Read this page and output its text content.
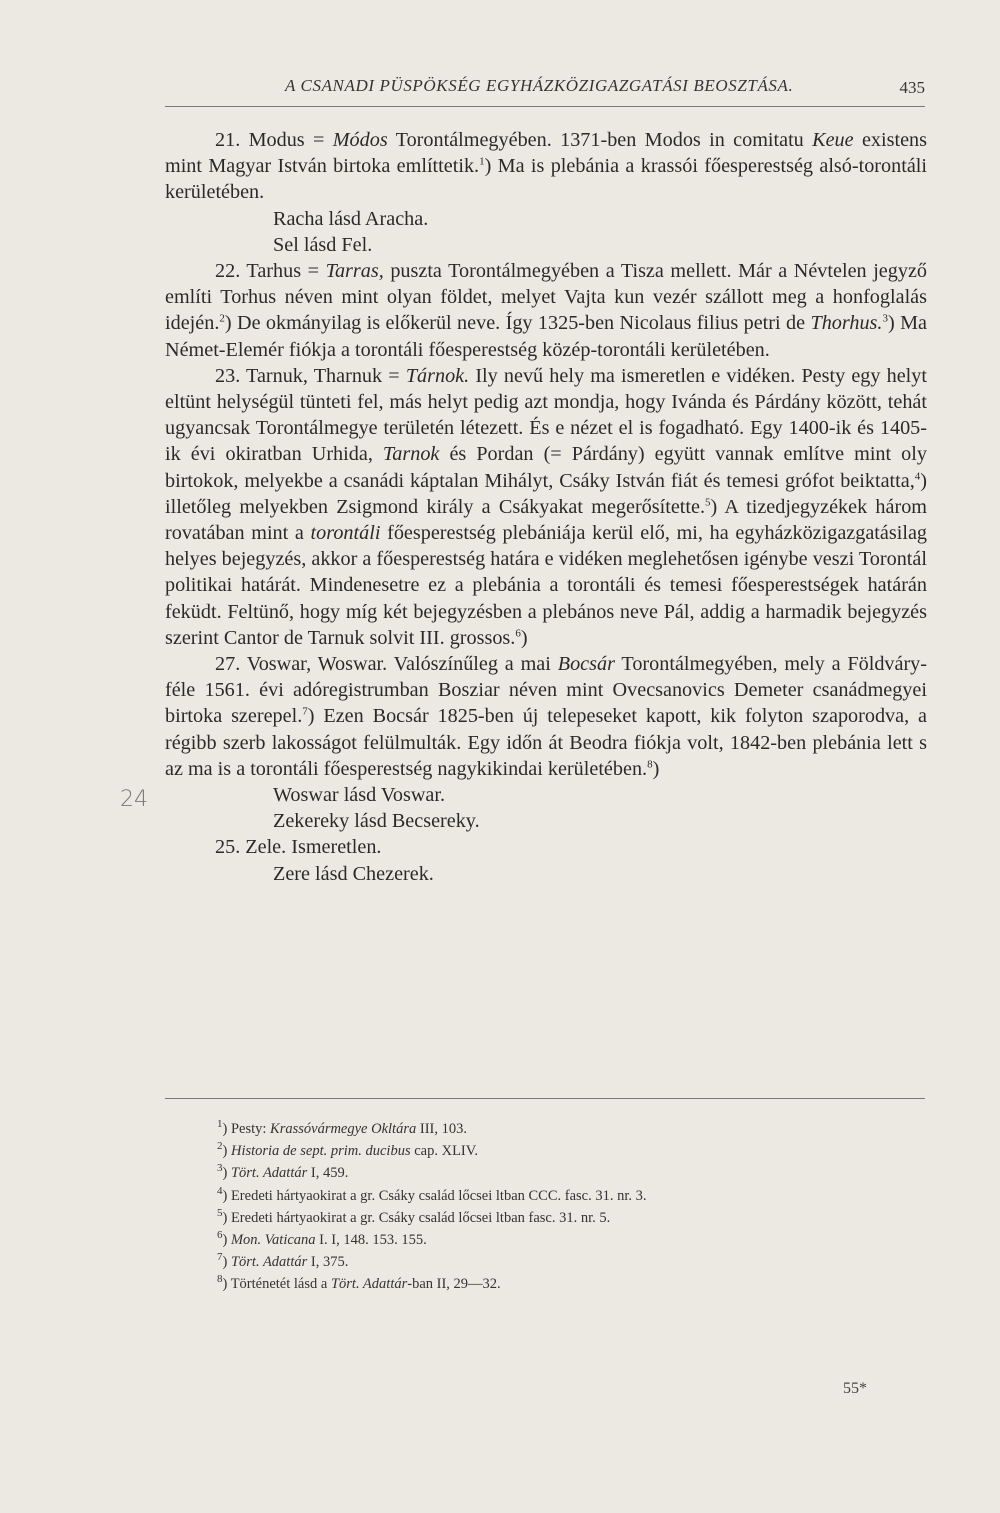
A CSANADI PÜSPÖKSÉG EGYHÁZKÖZIGAZGATÁSI BEOSZTÁSA.	435
24

21. Modus = Módos Torontálmegyében. 1371-ben Modos in comitatu Keue existens mint Magyar István birtoka említtetik.$^1$) Ma is plebánia a krassói főesperestség alsó-torontáli kerületében.

Racha lásd Aracha.

Sel lásd Fel.

22. Tarhus = Tarras, puszta Torontálmegyében a Tisza mellett. Már a Névtelen jegyző említi Torhus néven mint olyan földet, melyet Vajta kun vezér szállott meg a honfoglalás idején.$^2$) De okmányilag is előkerül neve. Így 1325-ben Nicolaus filius petri de Thorhus.$^3$) Ma Német-Elemér fiókja a torontáli főesperestség közép-torontáli kerületében.

23. Tarnuk, Tharnuk = Tárnok. Ily nevű hely ma ismeretlen e vidéken. Pesty egy helyt eltünt helységül tünteti fel, más helyt pedig azt mondja, hogy Ivánda és Párdány között, tehát ugyancsak Torontálmegye területén létezett. És e nézet el is fogadható. Egy 1400-ik és 1405-ik évi okiratban Urhida, Tarnok és Pordan (= Párdány) együtt vannak említve mint oly birtokok, melyekbe a csanádi káptalan Mihályt, Csáky István fiát és temesi grófot beiktatta,$^4$) illetőleg melyekben Zsigmond király a Csákyakat megerősítette.$^5$) A tizedjegyzékek három rovatában mint a torontáli főesperestség plebániája kerül elő, mi, ha egyházközigazgatásilag helyes bejegyzés, akkor a főesperestség határa e vidéken meglehetősen igénybe veszi Torontál politikai határát. Mindenesetre ez a plebánia a torontáli és temesi főesperestségek határán feküdt. Feltünő, hogy míg két bejegyzésben a plebános neve Pál, addig a harmadik bejegyzés szerint Cantor de Tarnuk solvit III. grossos.$^6$)

27. Voswar, Woswar. Valószínűleg a mai Bocsár Torontálmegyében, mely a Földváry-féle 1561. évi adóregistrumban Bosziar néven mint Ovecsanovics Demeter csanádmegyei birtoka szerepel.$^7$) Ezen Bocsár 1825-ben új telepeseket kapott, kik folyton szaporodva, a régibb szerb lakosságot felülmulták. Egy időn át Beodra fiókja volt, 1842-ben plebánia lett s az ma is a torontáli főesperestség nagykikindai kerületében.$^8$)

Woswar lásd Voswar.

Zekereky lásd Becsereky.

25. Zele. Ismeretlen.

Zere lásd Chezerek.

$^1$) Pesty: Krassóvármegye Okltára III, 103.

$^2$) Historia de sept. prim. ducibus cap. XLIV.

$^3$) Tört. Adattár I, 459.

$^4$) Eredeti hártyaokirat a gr. Csáky család lőcsei ltban CCC. fasc. 31. nr. 3.

$^5$) Eredeti hártyaokirat a gr. Csáky család lőcsei ltban fasc. 31. nr. 5.

$^6$) Mon. Vaticana I. I, 148. 153. 155.

$^7$) Tört. Adattár I, 375.

$^8$) Történetét lásd a Tört. Adattár-ban II, 29—32.

55*
